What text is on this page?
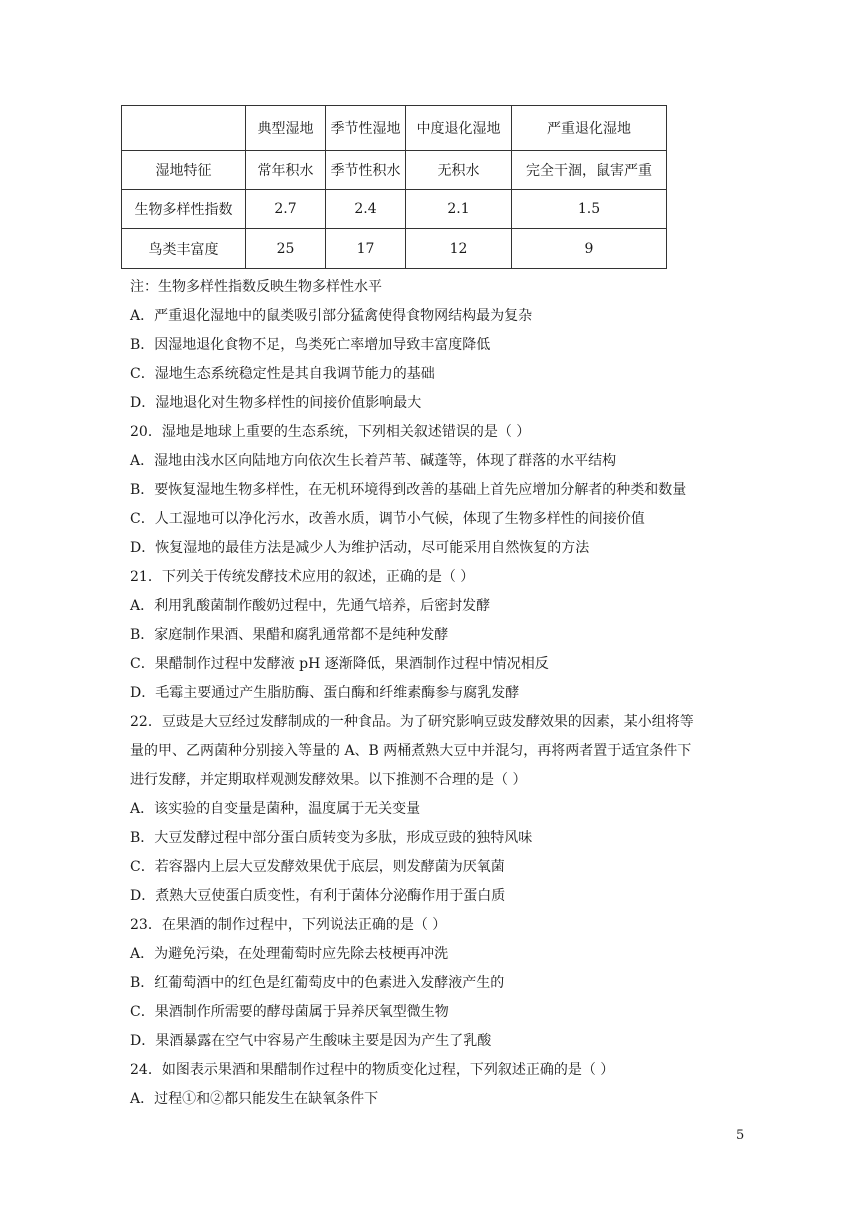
	典型湿地	季节性湿地	中度退化湿地	严重退化湿地
湿地特征	常年积水	季节性积水	无积水	完全干涸，鼠害严重
生物多样性指数	2.7	2.4	2.1	1.5
鸟类丰富度	25	17	12	9
注：生物多样性指数反映生物多样性水平
A．严重退化湿地中的鼠类吸引部分猛禽使得食物网结构最为复杂
B．因湿地退化食物不足，鸟类死亡率增加导致丰富度降低
C．湿地生态系统稳定性是其自我调节能力的基础
D．湿地退化对生物多样性的间接价值影响最大
20．湿地是地球上重要的生态系统，下列相关叙述错误的是（ ）
A．湿地由浅水区向陆地方向依次生长着芦苇、碱蓬等，体现了群落的水平结构
B．要恢复湿地生物多样性，在无机环境得到改善的基础上首先应增加分解者的种类和数量
C．人工湿地可以净化污水，改善水质，调节小气候，体现了生物多样性的间接价值
D．恢复湿地的最佳方法是减少人为维护活动，尽可能采用自然恢复的方法
21．下列关于传统发酵技术应用的叙述，正确的是（ ）
A．利用乳酸菌制作酸奶过程中，先通气培养，后密封发酵
B．家庭制作果酒、果醋和腐乳通常都不是纯种发酵
C．果醋制作过程中发酵液 pH 逐渐降低，果酒制作过程中情况相反
D．毛霉主要通过产生脂肪酶、蛋白酶和纤维素酶参与腐乳发酵
22．豆豉是大豆经过发酵制成的一种食品。为了研究影响豆豉发酵效果的因素，某小组将等
量的甲、乙两菌种分别接入等量的 A、B 两桶煮熟大豆中并混匀，再将两者置于适宜条件下
进行发酵，并定期取样观测发酵效果。以下推测不合理的是（ ）
A．该实验的自变量是菌种，温度属于无关变量
B．大豆发酵过程中部分蛋白质转变为多肽，形成豆豉的独特风味
C．若容器内上层大豆发酵效果优于底层，则发酵菌为厌氧菌
D．煮熟大豆使蛋白质变性，有利于菌体分泌酶作用于蛋白质
23．在果酒的制作过程中，下列说法正确的是（ ）
A．为避免污染，在处理葡萄时应先除去枝梗再冲洗
B．红葡萄酒中的红色是红葡萄皮中的色素进入发酵液产生的
C．果酒制作所需要的酵母菌属于异养厌氧型微生物
D．果酒暴露在空气中容易产生酸味主要是因为产生了乳酸
24．如图表示果酒和果醋制作过程中的物质变化过程，下列叙述正确的是（ ）
A．过程①和②都只能发生在缺氧条件下
5
